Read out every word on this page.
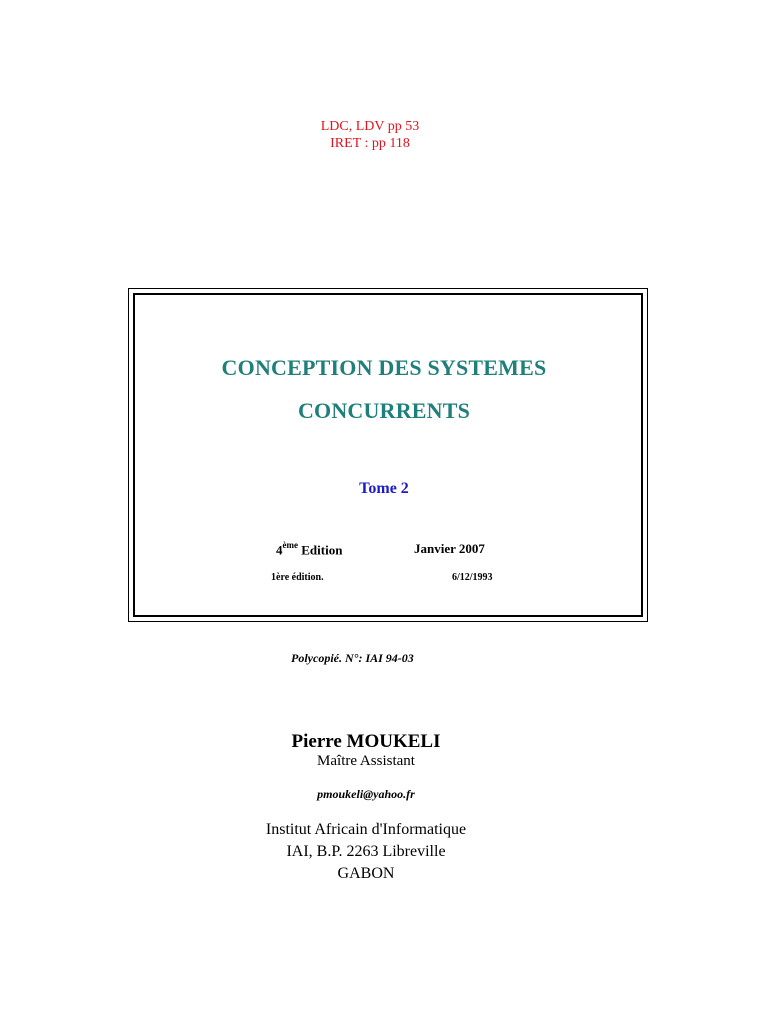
LDC, LDV pp 53
IRET : pp 118
CONCEPTION DES SYSTEMES
CONCURRENTS
Tome 2
4ème Edition	Janvier 2007
1ère édition.	6/12/1993
Polycopié. N°: IAI 94-03
Pierre MOUKELI
Maître Assistant
pmoukeli@yahoo.fr
Institut Africain d'Informatique
IAI, B.P. 2263 Libreville
GABON
